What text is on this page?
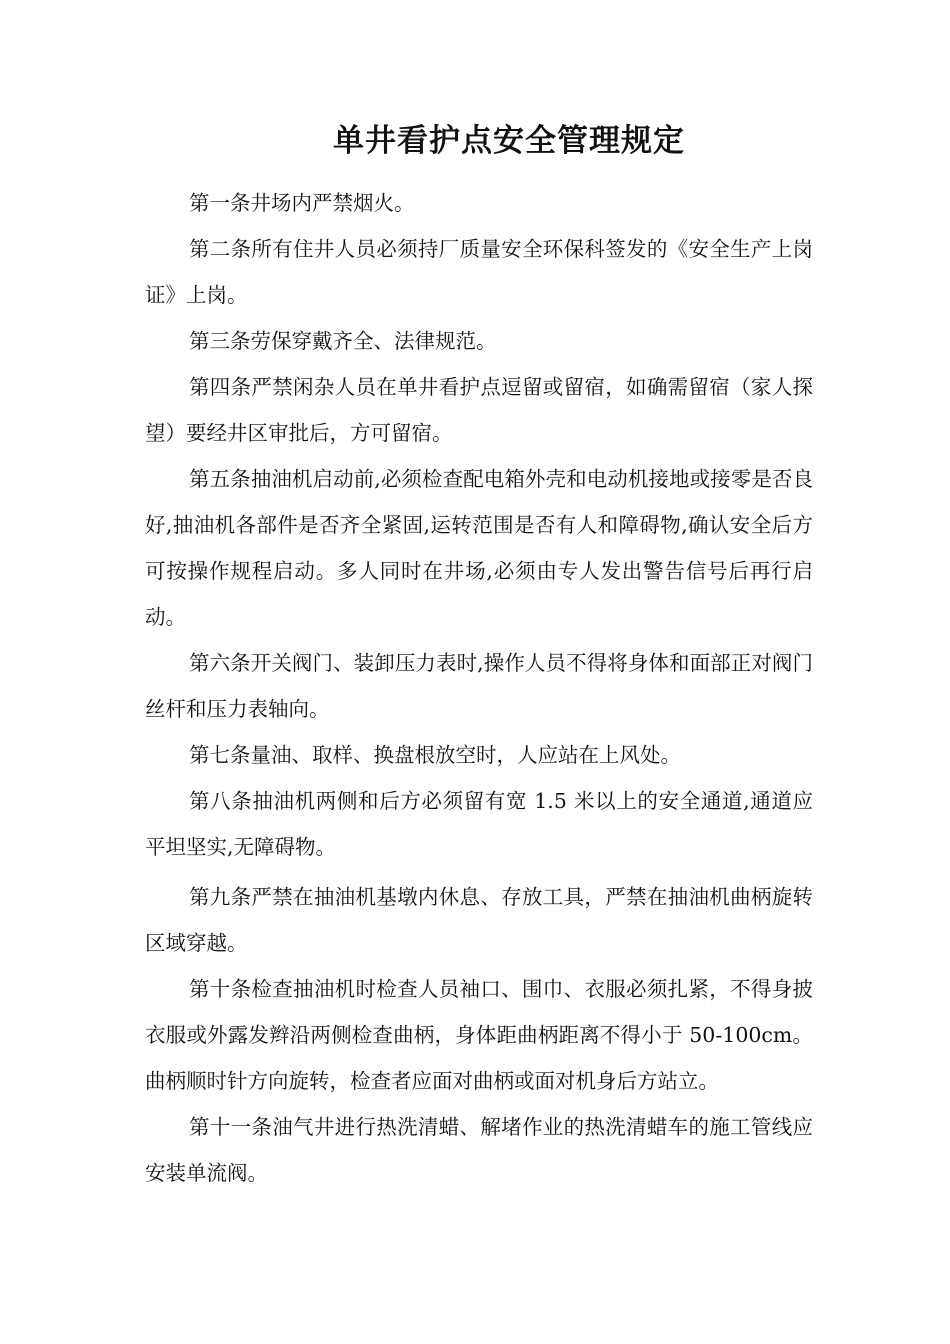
单井看护点安全管理规定

第一条井场内严禁烟火。

第二条所有住井人员必须持厂质量安全环保科签发的《安全生产上岗证》上岗。

第三条劳保穿戴齐全、法律规范。

第四条严禁闲杂人员在单井看护点逗留或留宿，如确需留宿（家人探望）要经井区审批后，方可留宿。

第五条抽油机启动前,必须检查配电箱外壳和电动机接地或接零是否良好,抽油机各部件是否齐全紧固,运转范围是否有人和障碍物,确认安全后方可按操作规程启动。多人同时在井场,必须由专人发出警告信号后再行启动。

第六条开关阀门、装卸压力表时,操作人员不得将身体和面部正对阀门丝杆和压力表轴向。

第七条量油、取样、换盘根放空时，人应站在上风处。

第八条抽油机两侧和后方必须留有宽 1.5 米以上的安全通道,通道应平坦坚实,无障碍物。

第九条严禁在抽油机基墩内休息、存放工具，严禁在抽油机曲柄旋转区域穿越。

第十条检查抽油机时检查人员袖口、围巾、衣服必须扎紧，不得身披衣服或外露发辫沿两侧检查曲柄，身体距曲柄距离不得小于 50-100cm。曲柄顺时针方向旋转，检查者应面对曲柄或面对机身后方站立。

第十一条油气井进行热洗清蜡、解堵作业的热洗清蜡车的施工管线应安装单流阀。
